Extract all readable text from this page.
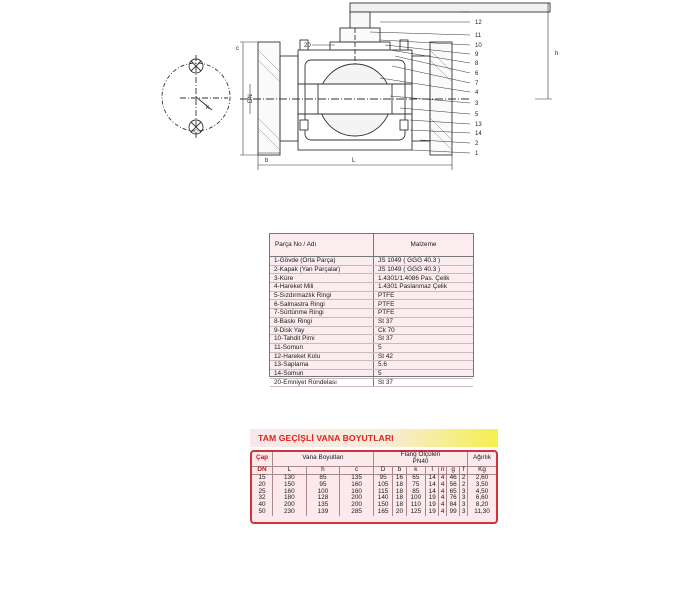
12
11
10
9
8
6
7
4
3
5
13
14
2
1
20
h
c
L
b
DN
k
Parça No / Adı	Malzeme
1-Gövde (Orta Parça)	JS 1049 ( GGG 40.3 )
2-Kapak (Yan Parçalar)	JS 1049 ( GGG 40.3 )
3-Küre	1.4301/1.4086 Pas. Çelik
4-Hareket Mili	1.4301 Paslanmaz Çelik
5-Sızdırmazlık Ringi	PTFE
6-Salmastra Ringi	PTFE
7-Sürtünme Ringi	PTFE
8-Baskı Ringi	St 37
9-Disk Yay	Ck 70
10-Tahdit Pimi	St 37
11-Somun	5
12-Hareket Kolu	St 42
13-Saplama	5.6
14-Somun	5
20-Emniyet Rondelası	St 37
TAM GEÇİŞLİ VANA BOYUTLARI
Çap	Vana Boyutları			Flang Ölçüleri
PN40							Ağırlık
DN	L	h	c	D	b	k	l	n	g	f	Kg
15	130	85	135	95	16	65	14	4	46	2	2,60
20	150	95	160	105	18	75	14	4	56	2	3,50
25	160	100	160	115	18	85	14	4	65	3	4,50
32	180	128	200	140	18	100	19	4	76	3	6,60
40	200	135	200	150	18	110	19	4	84	3	8,20
50	230	139	285	165	20	125	19	4	99	3	11,30
